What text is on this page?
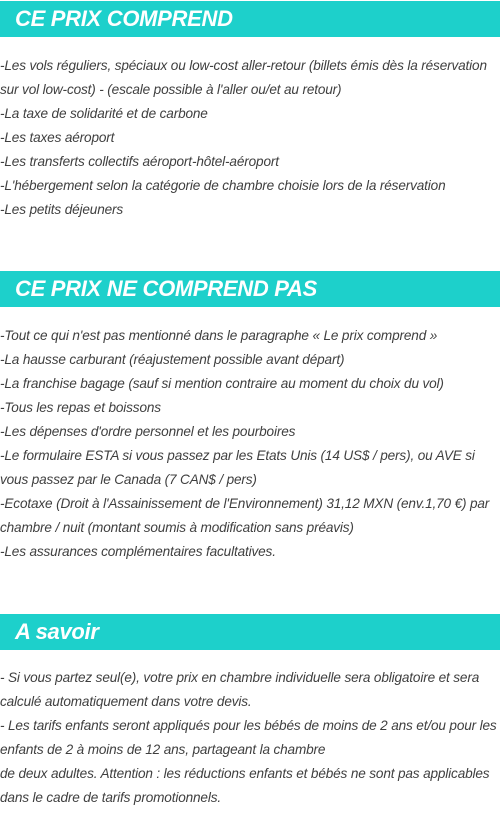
CE PRIX COMPREND

-Les vols réguliers, spéciaux ou low-cost aller-retour (billets émis dès la réservation sur vol low-cost) - (escale possible à l'aller ou/et au retour)
-La taxe de solidarité et de carbone
-Les taxes aéroport
-Les transferts collectifs aéroport-hôtel-aéroport
-L'hébergement selon la catégorie de chambre choisie lors de la réservation
-Les petits déjeuners

CE PRIX NE COMPREND PAS

-Tout ce qui n'est pas mentionné dans le paragraphe « Le prix comprend »
-La hausse carburant (réajustement possible avant départ)
-La franchise bagage (sauf si mention contraire au moment du choix du vol)
-Tous les repas et boissons
-Les dépenses d'ordre personnel et les pourboires
-Le formulaire ESTA si vous passez par les Etats Unis (14 US$ / pers), ou AVE si vous passez par le Canada (7 CAN$ / pers)
-Ecotaxe (Droit à l'Assainissement de l'Environnement) 31,12 MXN (env.1,70 €) par chambre / nuit (montant soumis à modification sans préavis)
-Les assurances complémentaires facultatives.

A savoir

- Si vous partez seul(e), votre prix en chambre individuelle sera obligatoire et sera calculé automatiquement dans votre devis.
- Les tarifs enfants seront appliqués pour les bébés de moins de 2 ans et/ou pour les enfants de 2 à moins de 12 ans, partageant la chambre
de deux adultes. Attention : les réductions enfants et bébés ne sont pas applicables dans le cadre de tarifs promotionnels.
